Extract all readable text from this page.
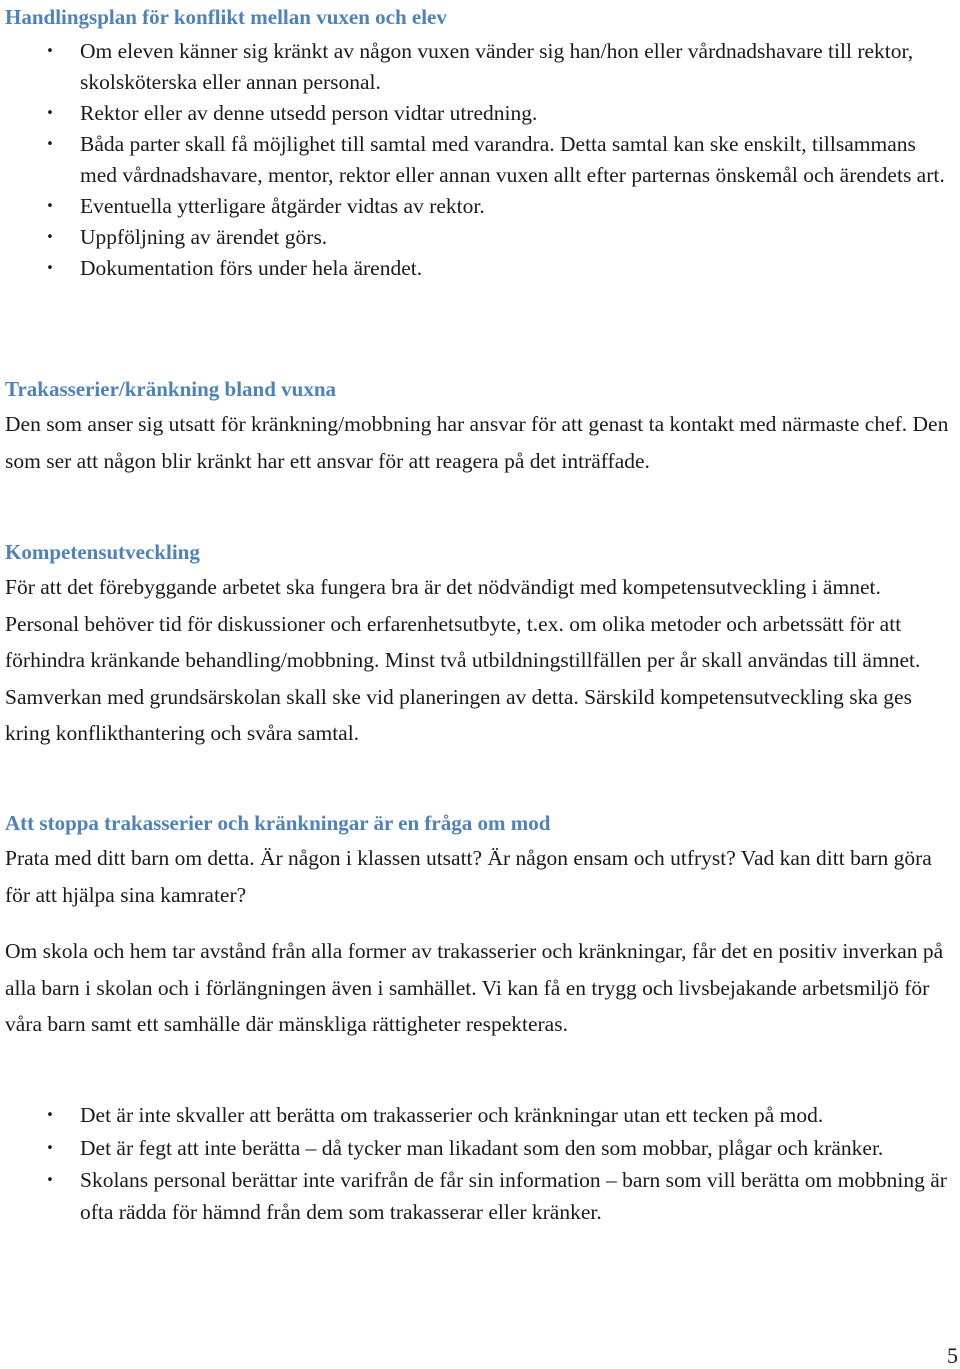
Handlingsplan för konflikt mellan vuxen och elev
• Om eleven känner sig kränkt av någon vuxen vänder sig han/hon eller vårdnadshavare till rektor, skolsköterska eller annan personal.
• Rektor eller av denne utsedd person vidtar utredning.
• Båda parter skall få möjlighet till samtal med varandra. Detta samtal kan ske enskilt, tillsammans med vårdnadshavare, mentor, rektor eller annan vuxen allt efter parternas önskemål och ärendets art.
• Eventuella ytterligare åtgärder vidtas av rektor.
• Uppföljning av ärendet görs.
• Dokumentation förs under hela ärendet.
Trakasserier/kränkning bland vuxna

Den som anser sig utsatt för kränkning/mobbning har ansvar för att genast ta kontakt med närmaste chef. Den som ser att någon blir kränkt har ett ansvar för att reagera på det inträffade.

Kompetensutveckling

För att det förebyggande arbetet ska fungera bra är det nödvändigt med kompetensutveckling i ämnet. Personal behöver tid för diskussioner och erfarenhetsutbyte, t.ex. om olika metoder och arbetssätt för att förhindra kränkande behandling/mobbning. Minst två utbildningstillfällen per år skall användas till ämnet. Samverkan med grundsärskolan skall ske vid planeringen av detta. Särskild kompetensutveckling ska ges kring konflikthantering och svåra samtal.

Att stoppa trakasserier och kränkningar är en fråga om mod

Prata med ditt barn om detta. Är någon i klassen utsatt? Är någon ensam och utfryst? Vad kan ditt barn göra för att hjälpa sina kamrater?

Om skola och hem tar avstånd från alla former av trakasserier och kränkningar, får det en positiv inverkan på alla barn i skolan och i förlängningen även i samhället. Vi kan få en trygg och livsbejakande arbetsmiljö för våra barn samt ett samhälle där mänskliga rättigheter respekteras.

• Det är inte skvaller att berätta om trakasserier och kränkningar utan ett tecken på mod.
• Det är fegt att inte berätta – då tycker man likadant som den som mobbar, plågar och kränker.
• Skolans personal berättar inte varifrån de får sin information – barn som vill berätta om mobbning är ofta rädda för hämnd från dem som trakasserar eller kränker.
5
